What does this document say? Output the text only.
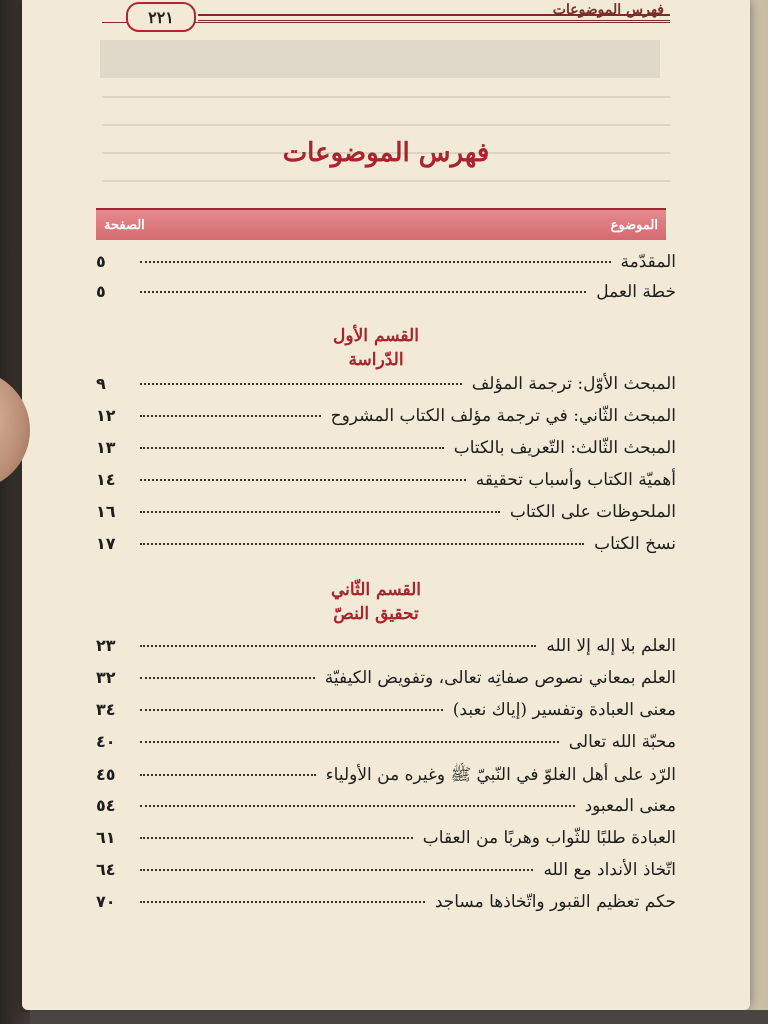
٢٢١	فهرس الموضوعات
فهرس الموضوعات
الموضوع
الصفحة
المقدّمة
٥
خطة العمل
٥
القسم الأول
الدّراسة
المبحث الأوّل: ترجمة المؤلف
٩
المبحث الثّاني: في ترجمة مؤلف الكتاب المشروح
١٢
المبحث الثّالث: التّعريف بالكتاب
١٣
أهميّة الكتاب وأسباب تحقيقه
١٤
الملحوظات على الكتاب
١٦
نسخ الكتاب
١٧
القسم الثّاني
تحقيق النصّ
العلم بلا إله إلا الله
٢٣
العلم بمعاني نصوص صفاتِه تعالى، وتفويض الكيفيّة
٣٢
معنى العبادة وتفسير (إياك نعبد)
٣٤
محبّة الله تعالى
٤٠
الرّد على أهل الغلوّ في النّبيّ ﷺ وغيره من الأولياء
٤٥
معنى المعبود
٥٤
العبادة طلبًا للثّواب وهربًا من العقاب
٦١
اتّخاذ الأنداد مع الله
٦٤
حكم تعظيم القبور واتّخاذها مساجد
٧٠
